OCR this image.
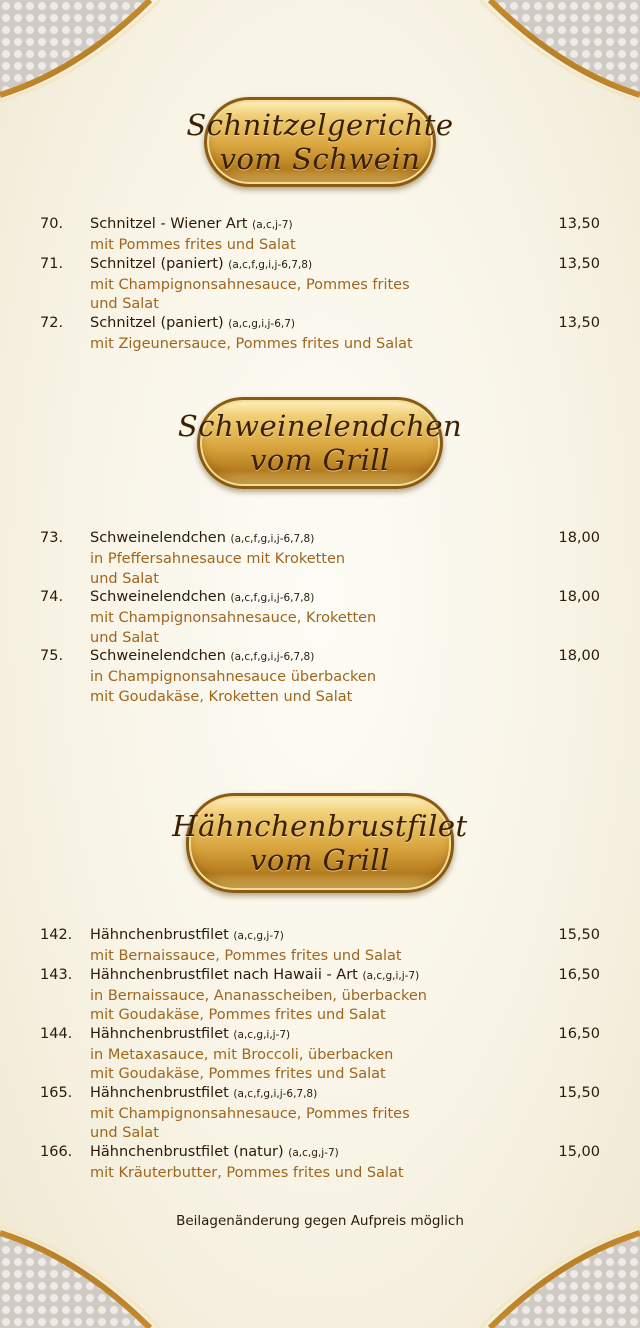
Schnitzelgerichte
vom Schwein
70. Schnitzel - Wiener Art (a,c,j-7)	13,50
mit Pommes frites und Salat
71. Schnitzel (paniert) (a,c,f,g,i,j-6,7,8)	13,50
mit Champignonsahnesauce, Pommes frites
und Salat
72. Schnitzel (paniert) (a,c,g,i,j-6,7)	13,50
mit Zigeunersauce, Pommes frites und Salat
Schweinelendchen
vom Grill
73. Schweinelendchen (a,c,f,g,i,j-6,7,8)	18,00
in Pfeffersahnesauce mit Kroketten
und Salat
74. Schweinelendchen (a,c,f,g,i,j-6,7,8)	18,00
mit Champignonsahnesauce, Kroketten
und Salat
75. Schweinelendchen (a,c,f,g,i,j-6,7,8)	18,00
in Champignonsahnesauce überbacken
mit Goudakäse, Kroketten und Salat
Hähnchenbrustfilet
vom Grill
142. Hähnchenbrustfilet (a,c,g,j-7)	15,50
mit Bernaissauce, Pommes frites und Salat
143. Hähnchenbrustfilet nach Hawaii - Art (a,c,g,i,j-7)	16,50
in Bernaissauce, Ananasscheiben, überbacken
mit Goudakäse, Pommes frites und Salat
144. Hähnchenbrustfilet (a,c,g,i,j-7)	16,50
in Metaxasauce, mit Broccoli, überbacken
mit Goudakäse, Pommes frites und Salat
165. Hähnchenbrustfilet (a,c,f,g,i,j-6,7,8)	15,50
mit Champignonsahnesauce, Pommes frites
und Salat
166. Hähnchenbrustfilet (natur) (a,c,g,j-7)	15,00
mit Kräuterbutter, Pommes frites und Salat
Beilagenänderung gegen Aufpreis möglich
